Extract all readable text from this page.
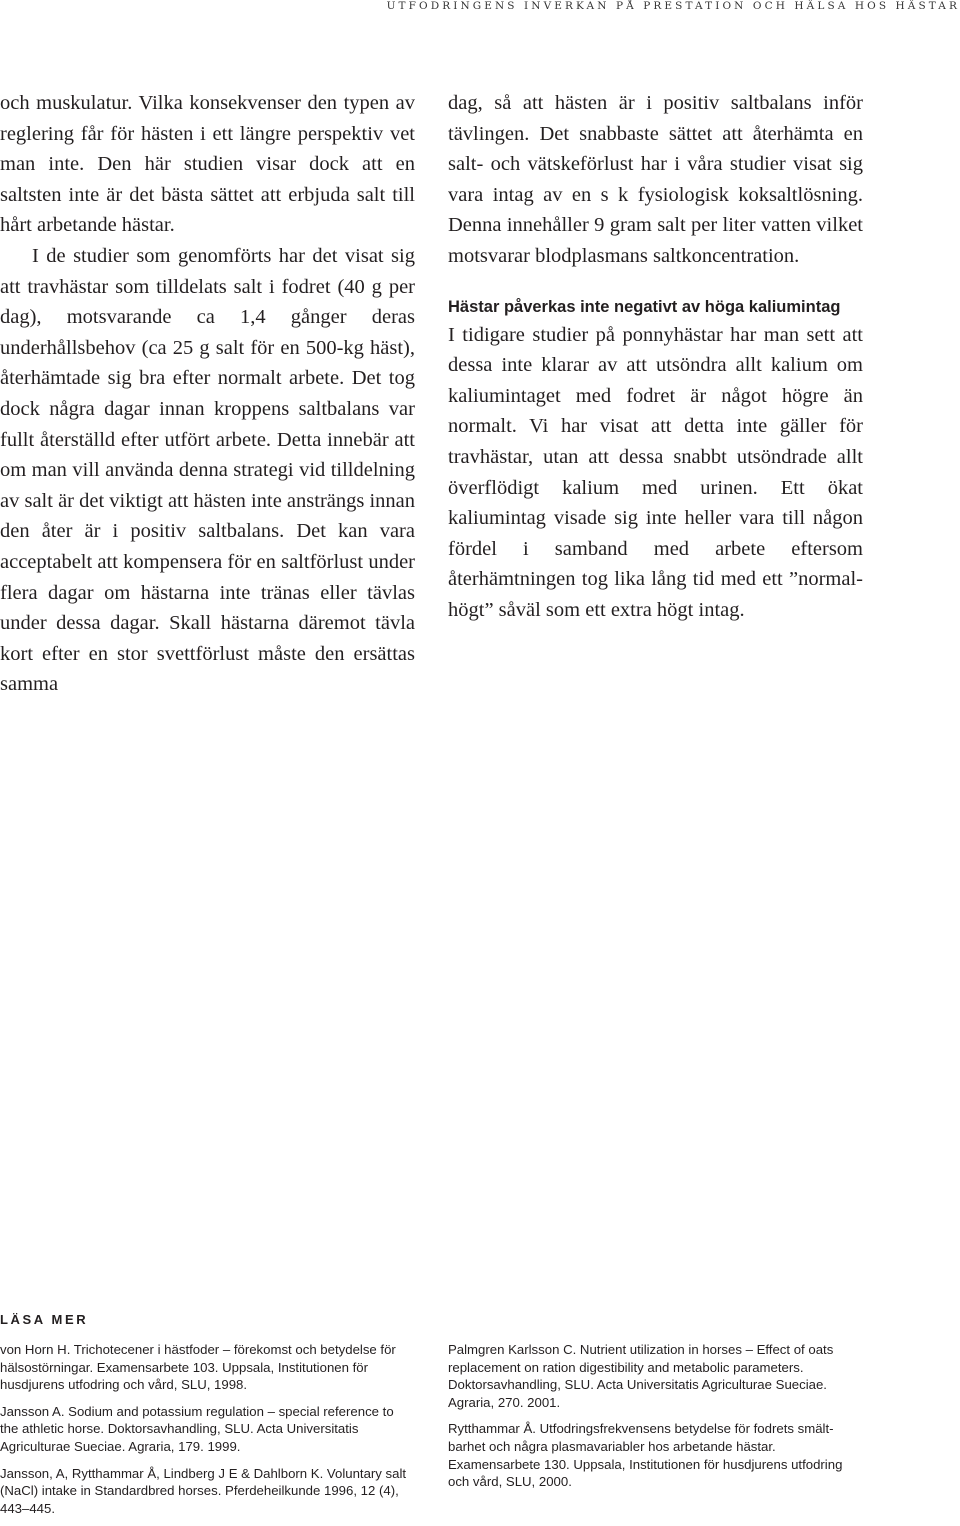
UTFODRINGENS INVERKAN PÅ PRESTATION OCH HÄLSA HOS HÄSTAR

och muskulatur. Vilka konsekvenser den typen av reglering får för hästen i ett längre perspektiv vet man inte. Den här studien visar dock att en saltsten inte är det bästa sättet att erbjuda salt till hårt arbetande hästar.

I de studier som genomförts har det visat sig att travhästar som tilldelats salt i fodret (40 g per dag), motsvarande ca 1,4 gånger deras underhållsbehov (ca 25 g salt för en 500-kg häst), återhämtade sig bra efter normalt arbete. Det tog dock några dagar innan kroppens saltbalans var fullt återställd efter utfört arbete. Detta innebär att om man vill använda denna strategi vid tilldelning av salt är det viktigt att hästen inte ansträngs innan den åter är i positiv saltbalans. Det kan vara acceptabelt att kompensera för en saltförlust under flera dagar om hästarna inte tränas eller tävlas under dessa dagar. Skall hästarna däremot tävla kort efter en stor svettförlust måste den ersättas samma

dag, så att hästen är i positiv saltbalans inför tävlingen. Det snabbaste sättet att återhämta en salt- och vätskeförlust har i våra studier visat sig vara intag av en s k fysiologisk koksaltlösning. Denna innehåller 9 gram salt per liter vatten vilket motsvarar blodplasmans saltkoncentration.

Hästar påverkas inte negativt av höga kaliumintag

I tidigare studier på ponnyhästar har man sett att dessa inte klarar av att utsöndra allt kalium om kaliumintaget med fodret är något högre än normalt. Vi har visat att detta inte gäller för travhästar, utan att dessa snabbt utsöndrade allt överflödigt kalium med urinen. Ett ökat kaliumintag visade sig inte heller vara till någon fördel i samband med arbete eftersom återhämtningen tog lika lång tid med ett ”normal-högt” såväl som ett extra högt intag.

LÄSA MER

von Horn H. Trichotecener i hästfoder – förekomst och betydelse för hälsostörningar. Examensarbete 103. Uppsala, Institutionen för husdjurens utfodring och vård, SLU, 1998.

Jansson A. Sodium and potassium regulation – special reference to the athletic horse. Doktorsavhandling, SLU. Acta Universitatis Agriculturae Sueciae. Agraria, 179. 1999.

Jansson, A, Rytthammar Å, Lindberg J E & Dahlborn K. Voluntary salt (NaCl) intake in Standardbred horses. Pferdeheilkunde 1996, 12 (4), 443–445.

Palmgren Karlsson C. Nutrient utilization in horses – Effect of oats replacement on ration digestibility and metabolic parameters. Doktorsavhandling, SLU. Acta Universitatis Agriculturae Sueciae. Agraria, 270. 2001.

Rytthammar Å. Utfodringsfrekvensens betydelse för fodrets smältbarhet och några plasmavariabler hos arbetande hästar. Examensarbete 130. Uppsala, Institutionen för husdjurens utfodring och vård, SLU, 2000.
